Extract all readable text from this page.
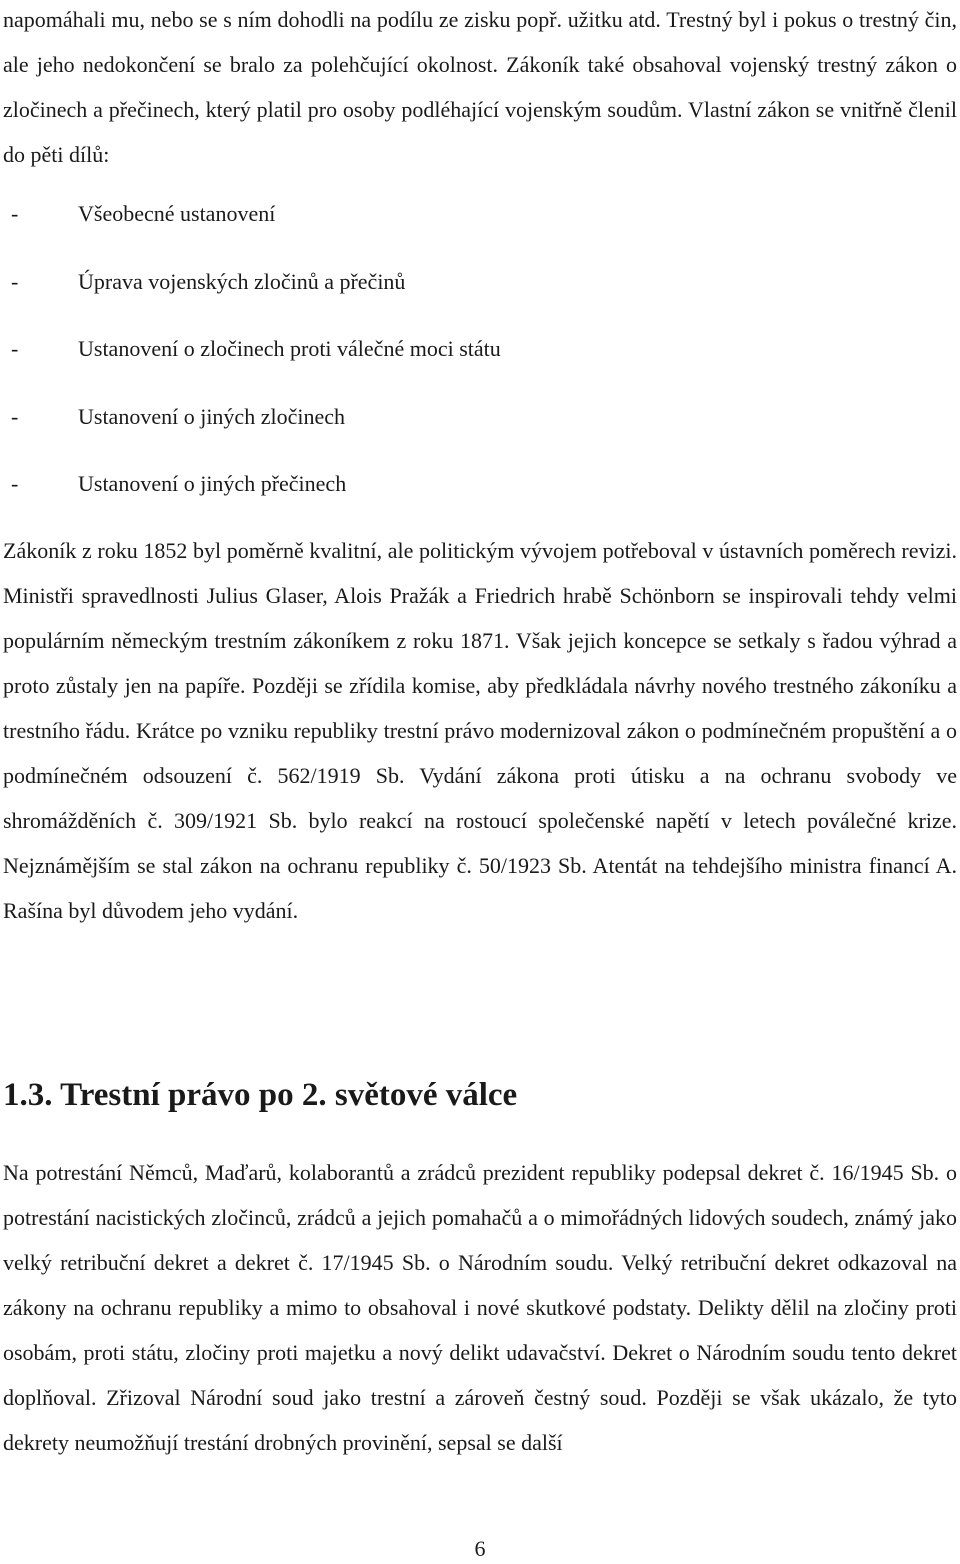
napomáhali mu, nebo se s ním dohodli na podílu ze zisku popř. užitku atd. Trestný byl i pokus o trestný čin, ale jeho nedokončení se bralo za polehčující okolnost. Zákoník také obsahoval vojenský trestný zákon o zločinech a přečinech, který platil pro osoby podléhající vojenským soudům. Vlastní zákon se vnitřně členil do pěti dílů:

-	Všeobecné ustanovení
-	Úprava vojenských zločinů a přečinů
-	Ustanovení o zločinech proti válečné moci státu
-	Ustanovení o jiných zločinech
-	Ustanovení o jiných přečinech

Zákoník z roku 1852 byl poměrně kvalitní, ale politickým vývojem potřeboval v ústavních poměrech revizi. Ministři spravedlnosti Julius Glaser, Alois Pražák a Friedrich hrabě Schönborn se inspirovali tehdy velmi populárním německým trestním zákoníkem z roku 1871. Však jejich koncepce se setkaly s řadou výhrad a proto zůstaly jen na papíře. Později se zřídila komise, aby předkládala návrhy nového trestného zákoníku a trestního řádu. Krátce po vzniku republiky trestní právo modernizoval zákon o podmínečném propuštění a o podmínečném odsouzení č. 562/1919 Sb. Vydání zákona proti útisku a na ochranu svobody ve shromážděních č. 309/1921 Sb. bylo reakcí na rostoucí společenské napětí v letech poválečné krize. Nejznámějším se stal zákon na ochranu republiky č. 50/1923 Sb. Atentát na tehdejšího ministra financí A. Rašína byl důvodem jeho vydání.

1.3. Trestní právo po 2. světové válce

Na potrestání Němců, Maďarů, kolaborantů a zrádců prezident republiky podepsal dekret č. 16/1945 Sb. o potrestání nacistických zločinců, zrádců a jejich pomahačů a o mimořádných lidových soudech, známý jako velký retribuční dekret a dekret č. 17/1945 Sb. o Národním soudu. Velký retribuční dekret odkazoval na zákony na ochranu republiky a mimo to obsahoval i nové skutkové podstaty. Delikty dělil na zločiny proti osobám, proti státu, zločiny proti majetku a nový delikt udavačství. Dekret o Národním soudu tento dekret doplňoval. Zřizoval Národní soud jako trestní a zároveň čestný soud. Později se však ukázalo, že tyto dekrety neumožňují trestání drobných provinění, sepsal se další

6
